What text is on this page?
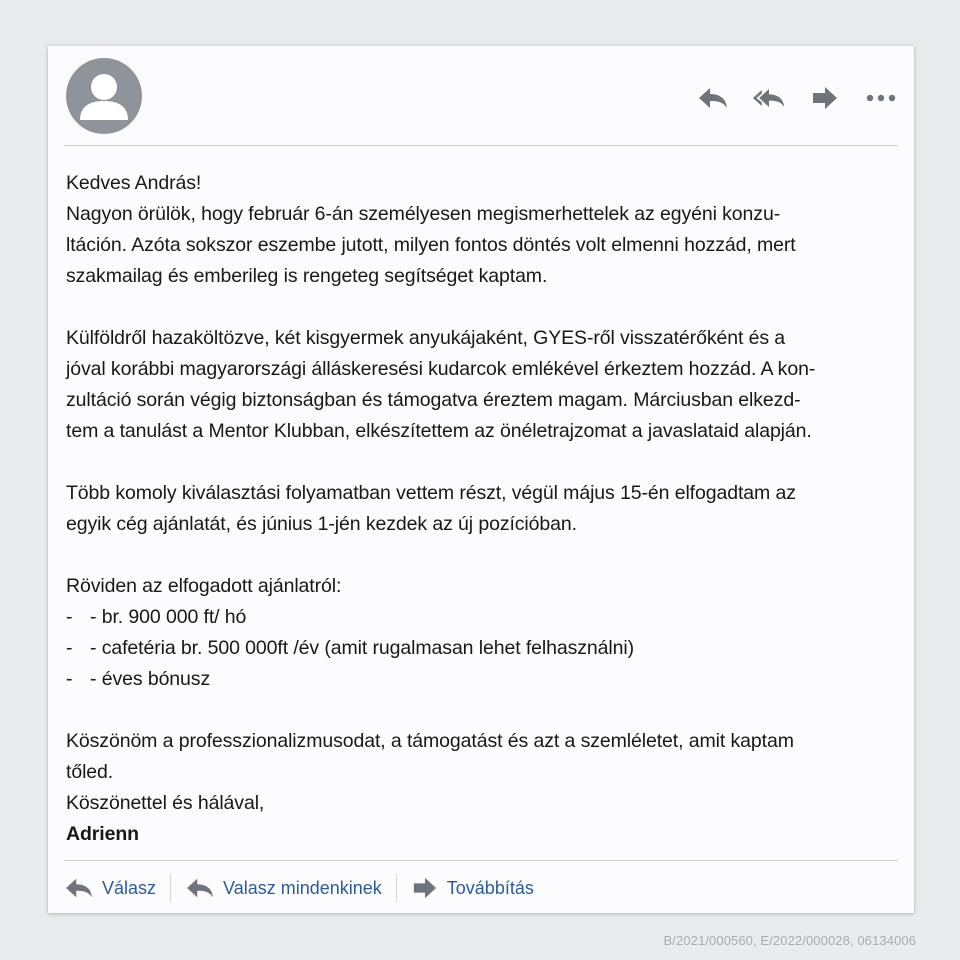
Kedves András!

Nagyon örülök, hogy február 6-án személyesen megismerhettelek az egyéni konzu-

ltáción. Azóta sokszor eszembe jutott, milyen fontos döntés volt elmenni hozzád, mert

szakmailag és emberileg is rengeteg segítséget kaptam.

Külföldről hazaköltözve, két kisgyermek anyukájaként, GYES-ről visszatérőként és a

jóval korábbi magyarországi álláskeresési kudarcok emlékével érkeztem hozzád. A kon-

zultáció során végig biztonságban és támogatva éreztem magam. Márciusban elkezd-

tem a tanulást a Mentor Klubban, elkészítettem az önéletrajzomat a javaslataid alapján.

Több komoly kiválasztási folyamatban vettem részt, végül május 15-én elfogadtam az

egyik cég ajánlatát, és június 1-jén kezdek az új pozícióban.

Röviden az elfogadott ajánlatról:

- - br. 900 000 ft/ hó
- - cafetéria br. 500 000ft /év (amit rugalmasan lehet felhasználni)
- - éves bónusz

Köszönöm a professzionalizmusodat, a támogatást és azt a szemléletet, amit kaptam

tőled.

Köszönettel és hálával,

Adrienn

Válasz	Valasz mindenkinek	Továbbítás
B/2021/000560, E/2022/000028, 06134006
